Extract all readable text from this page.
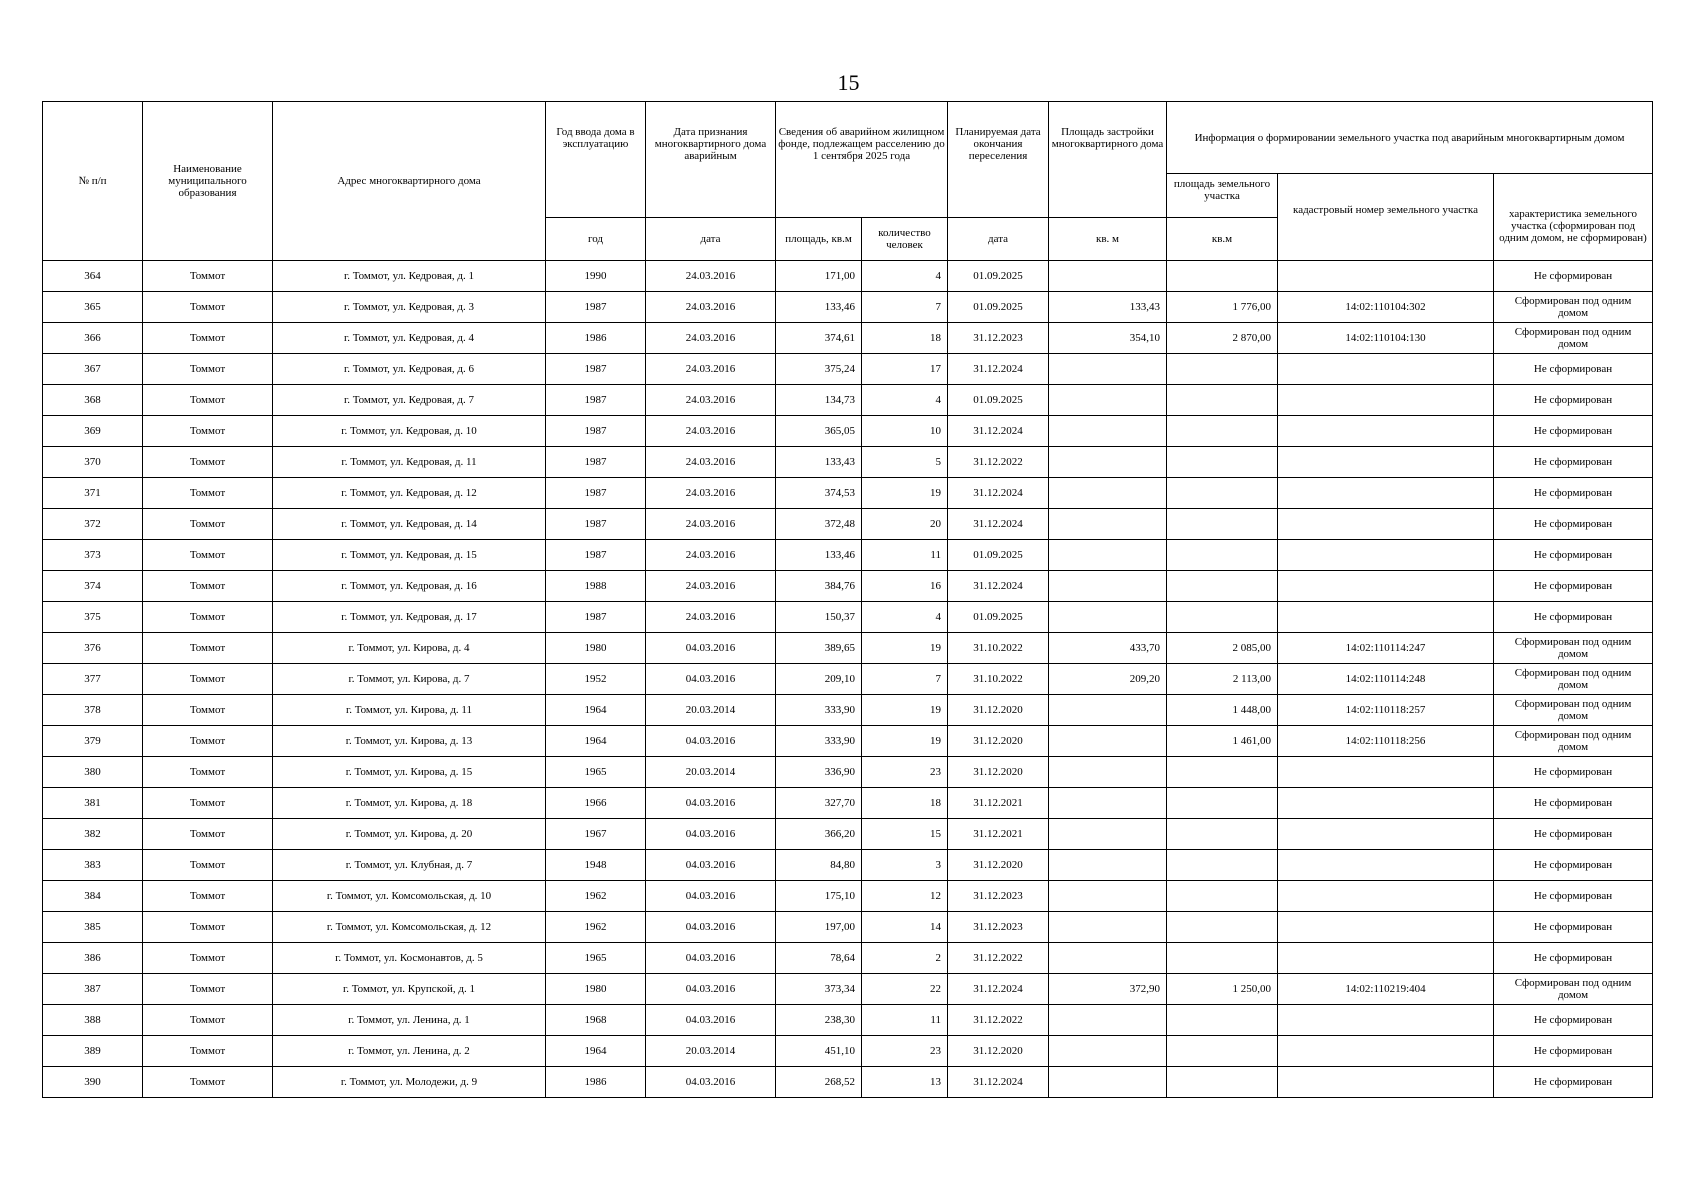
15
№ п/п	Наименование муниципального образования	Адрес многоквартирного дома	Год ввода дома в эксплуатацию	Дата признания многоквартирного дома аварийным	Сведения об аварийном жилищном фонде, подлежащем расселению до 1 сентября 2025 года		Планируемая дата окончания переселения	Площадь застройки многоквартирного дома	Информация о формировании земельного участка под аварийным многоквартирным домом		
									площадь земельного участка	кадастровый номер земельного участка	характеристика земельного участка (сформирован под одним домом, не сформирован)
			год	дата	площадь, кв.м	количество человек	дата	кв. м	кв.м		
364	Томмот	г. Томмот, ул. Кедровая, д. 1	1990	24.03.2016	171,00	4	01.09.2025				Не сформирован
365	Томмот	г. Томмот, ул. Кедровая, д. 3	1987	24.03.2016	133,46	7	01.09.2025	133,43	1 776,00	14:02:110104:302	Сформирован под одним домом
366	Томмот	г. Томмот, ул. Кедровая, д. 4	1986	24.03.2016	374,61	18	31.12.2023	354,10	2 870,00	14:02:110104:130	Сформирован под одним домом
367	Томмот	г. Томмот, ул. Кедровая, д. 6	1987	24.03.2016	375,24	17	31.12.2024				Не сформирован
368	Томмот	г. Томмот, ул. Кедровая, д. 7	1987	24.03.2016	134,73	4	01.09.2025				Не сформирован
369	Томмот	г. Томмот, ул. Кедровая, д. 10	1987	24.03.2016	365,05	10	31.12.2024				Не сформирован
370	Томмот	г. Томмот, ул. Кедровая, д. 11	1987	24.03.2016	133,43	5	31.12.2022				Не сформирован
371	Томмот	г. Томмот, ул. Кедровая, д. 12	1987	24.03.2016	374,53	19	31.12.2024				Не сформирован
372	Томмот	г. Томмот, ул. Кедровая, д. 14	1987	24.03.2016	372,48	20	31.12.2024				Не сформирован
373	Томмот	г. Томмот, ул. Кедровая, д. 15	1987	24.03.2016	133,46	11	01.09.2025				Не сформирован
374	Томмот	г. Томмот, ул. Кедровая, д. 16	1988	24.03.2016	384,76	16	31.12.2024				Не сформирован
375	Томмот	г. Томмот, ул. Кедровая, д. 17	1987	24.03.2016	150,37	4	01.09.2025				Не сформирован
376	Томмот	г. Томмот, ул. Кирова, д. 4	1980	04.03.2016	389,65	19	31.10.2022	433,70	2 085,00	14:02:110114:247	Сформирован под одним домом
377	Томмот	г. Томмот, ул. Кирова, д. 7	1952	04.03.2016	209,10	7	31.10.2022	209,20	2 113,00	14:02:110114:248	Сформирован под одним домом
378	Томмот	г. Томмот, ул. Кирова, д. 11	1964	20.03.2014	333,90	19	31.12.2020		1 448,00	14:02:110118:257	Сформирован под одним домом
379	Томмот	г. Томмот, ул. Кирова, д. 13	1964	04.03.2016	333,90	19	31.12.2020		1 461,00	14:02:110118:256	Сформирован под одним домом
380	Томмот	г. Томмот, ул. Кирова, д. 15	1965	20.03.2014	336,90	23	31.12.2020				Не сформирован
381	Томмот	г. Томмот, ул. Кирова, д. 18	1966	04.03.2016	327,70	18	31.12.2021				Не сформирован
382	Томмот	г. Томмот, ул. Кирова, д. 20	1967	04.03.2016	366,20	15	31.12.2021				Не сформирован
383	Томмот	г. Томмот, ул. Клубная, д. 7	1948	04.03.2016	84,80	3	31.12.2020				Не сформирован
384	Томмот	г. Томмот, ул. Комсомольская, д. 10	1962	04.03.2016	175,10	12	31.12.2023				Не сформирован
385	Томмот	г. Томмот, ул. Комсомольская, д. 12	1962	04.03.2016	197,00	14	31.12.2023				Не сформирован
386	Томмот	г. Томмот, ул. Космонавтов, д. 5	1965	04.03.2016	78,64	2	31.12.2022				Не сформирован
387	Томмот	г. Томмот, ул. Крупской, д. 1	1980	04.03.2016	373,34	22	31.12.2024	372,90	1 250,00	14:02:110219:404	Сформирован под одним домом
388	Томмот	г. Томмот, ул. Ленина, д. 1	1968	04.03.2016	238,30	11	31.12.2022				Не сформирован
389	Томмот	г. Томмот, ул. Ленина, д. 2	1964	20.03.2014	451,10	23	31.12.2020				Не сформирован
390	Томмот	г. Томмот, ул. Молодежи, д. 9	1986	04.03.2016	268,52	13	31.12.2024				Не сформирован
